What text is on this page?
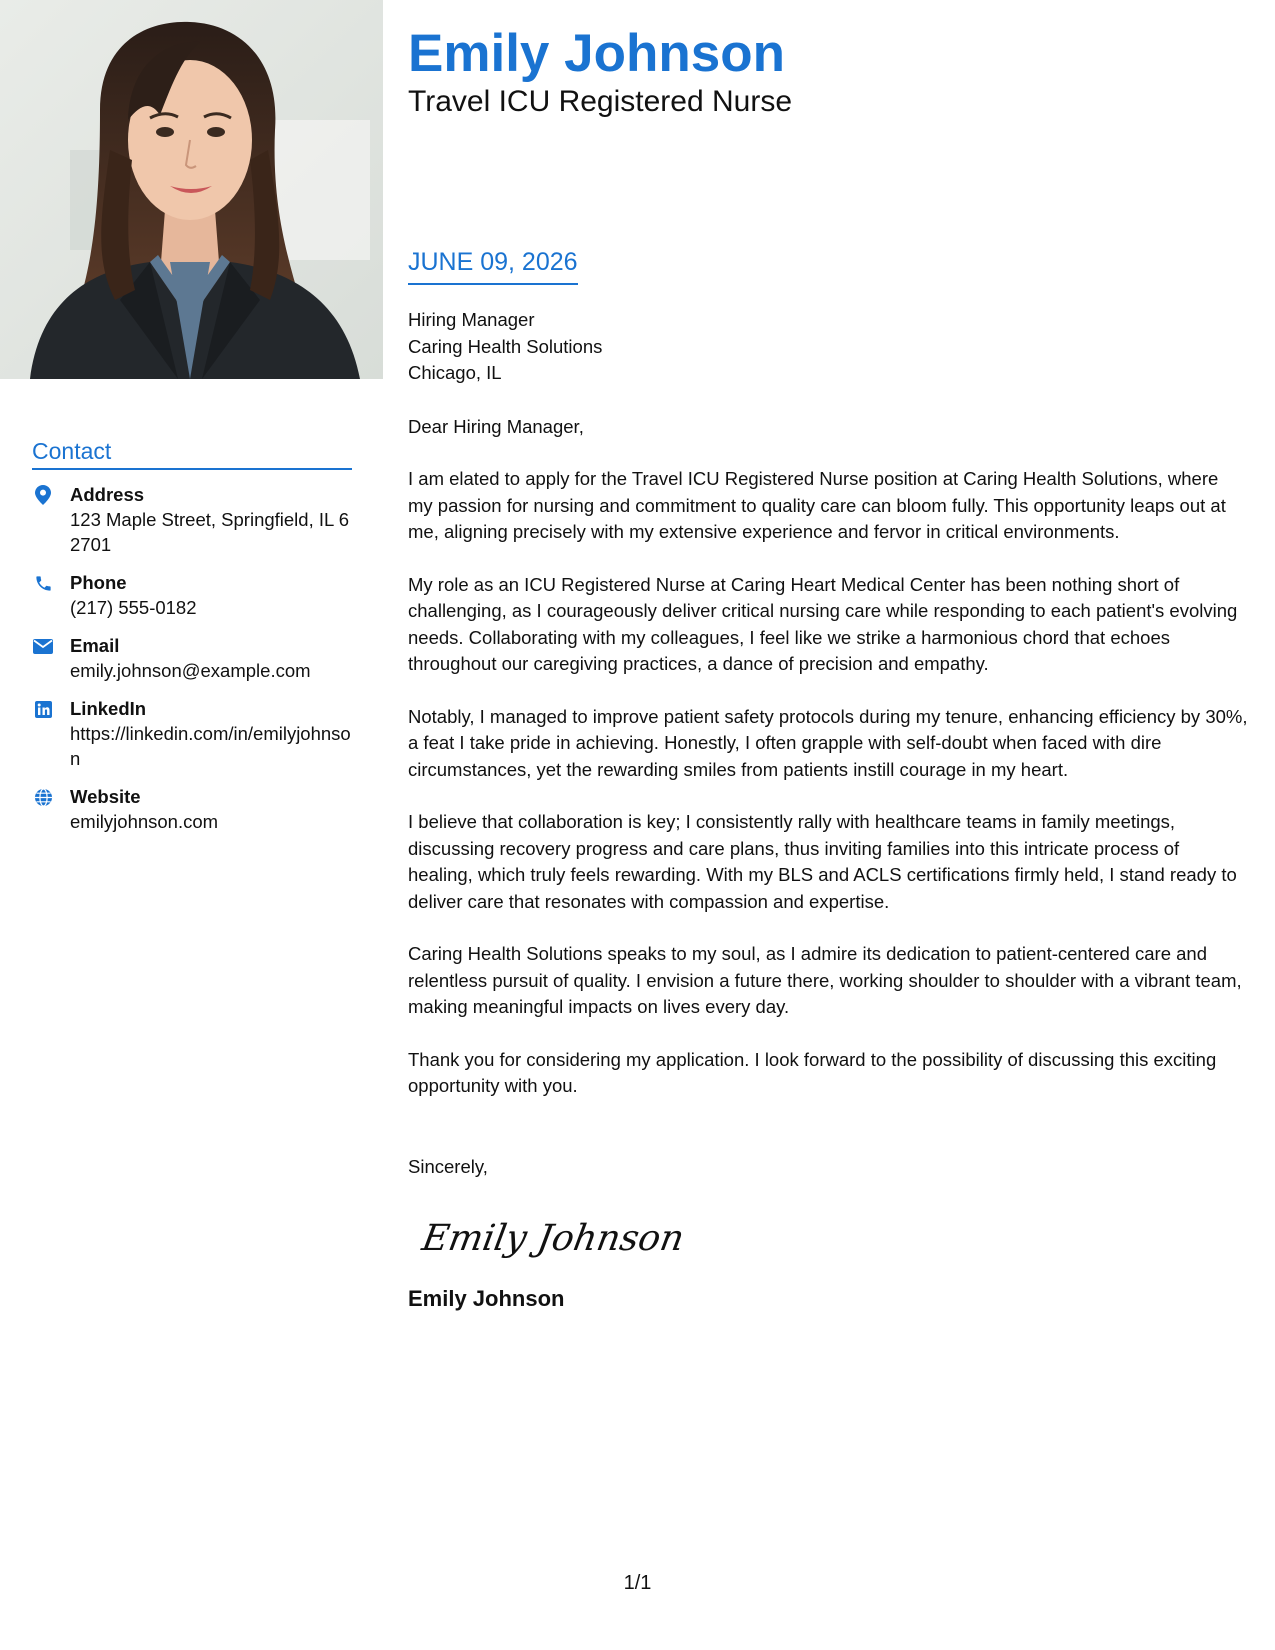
Contact
Address
123 Maple Street, Springfield, IL 62701
Phone
(217) 555-0182
Email
emily.johnson@example.com
LinkedIn
https://linkedin.com/in/emilyjohnson
Website
emilyjohnson.com
Emily Johnson
Travel ICU Registered Nurse
JUNE 09, 2026
Hiring Manager
Caring Health Solutions
Chicago, IL
Dear Hiring Manager,
I am elated to apply for the Travel ICU Registered Nurse position at Caring Health Solutions, where my passion for nursing and commitment to quality care can bloom fully. This opportunity leaps out at me, aligning precisely with my extensive experience and fervor in critical environments.
My role as an ICU Registered Nurse at Caring Heart Medical Center has been nothing short of challenging, as I courageously deliver critical nursing care while responding to each patient's evolving needs. Collaborating with my colleagues, I feel like we strike a harmonious chord that echoes throughout our caregiving practices, a dance of precision and empathy.
Notably, I managed to improve patient safety protocols during my tenure, enhancing efficiency by 30%, a feat I take pride in achieving. Honestly, I often grapple with self-doubt when faced with dire circumstances, yet the rewarding smiles from patients instill courage in my heart.
I believe that collaboration is key; I consistently rally with healthcare teams in family meetings, discussing recovery progress and care plans, thus inviting families into this intricate process of healing, which truly feels rewarding. With my BLS and ACLS certifications firmly held, I stand ready to deliver care that resonates with compassion and expertise.
Caring Health Solutions speaks to my soul, as I admire its dedication to patient-centered care and relentless pursuit of quality. I envision a future there, working shoulder to shoulder with a vibrant team, making meaningful impacts on lives every day.
Thank you for considering my application. I look forward to the possibility of discussing this exciting opportunity with you.
Sincerely,
Emily Johnson
Emily Johnson
1/1
